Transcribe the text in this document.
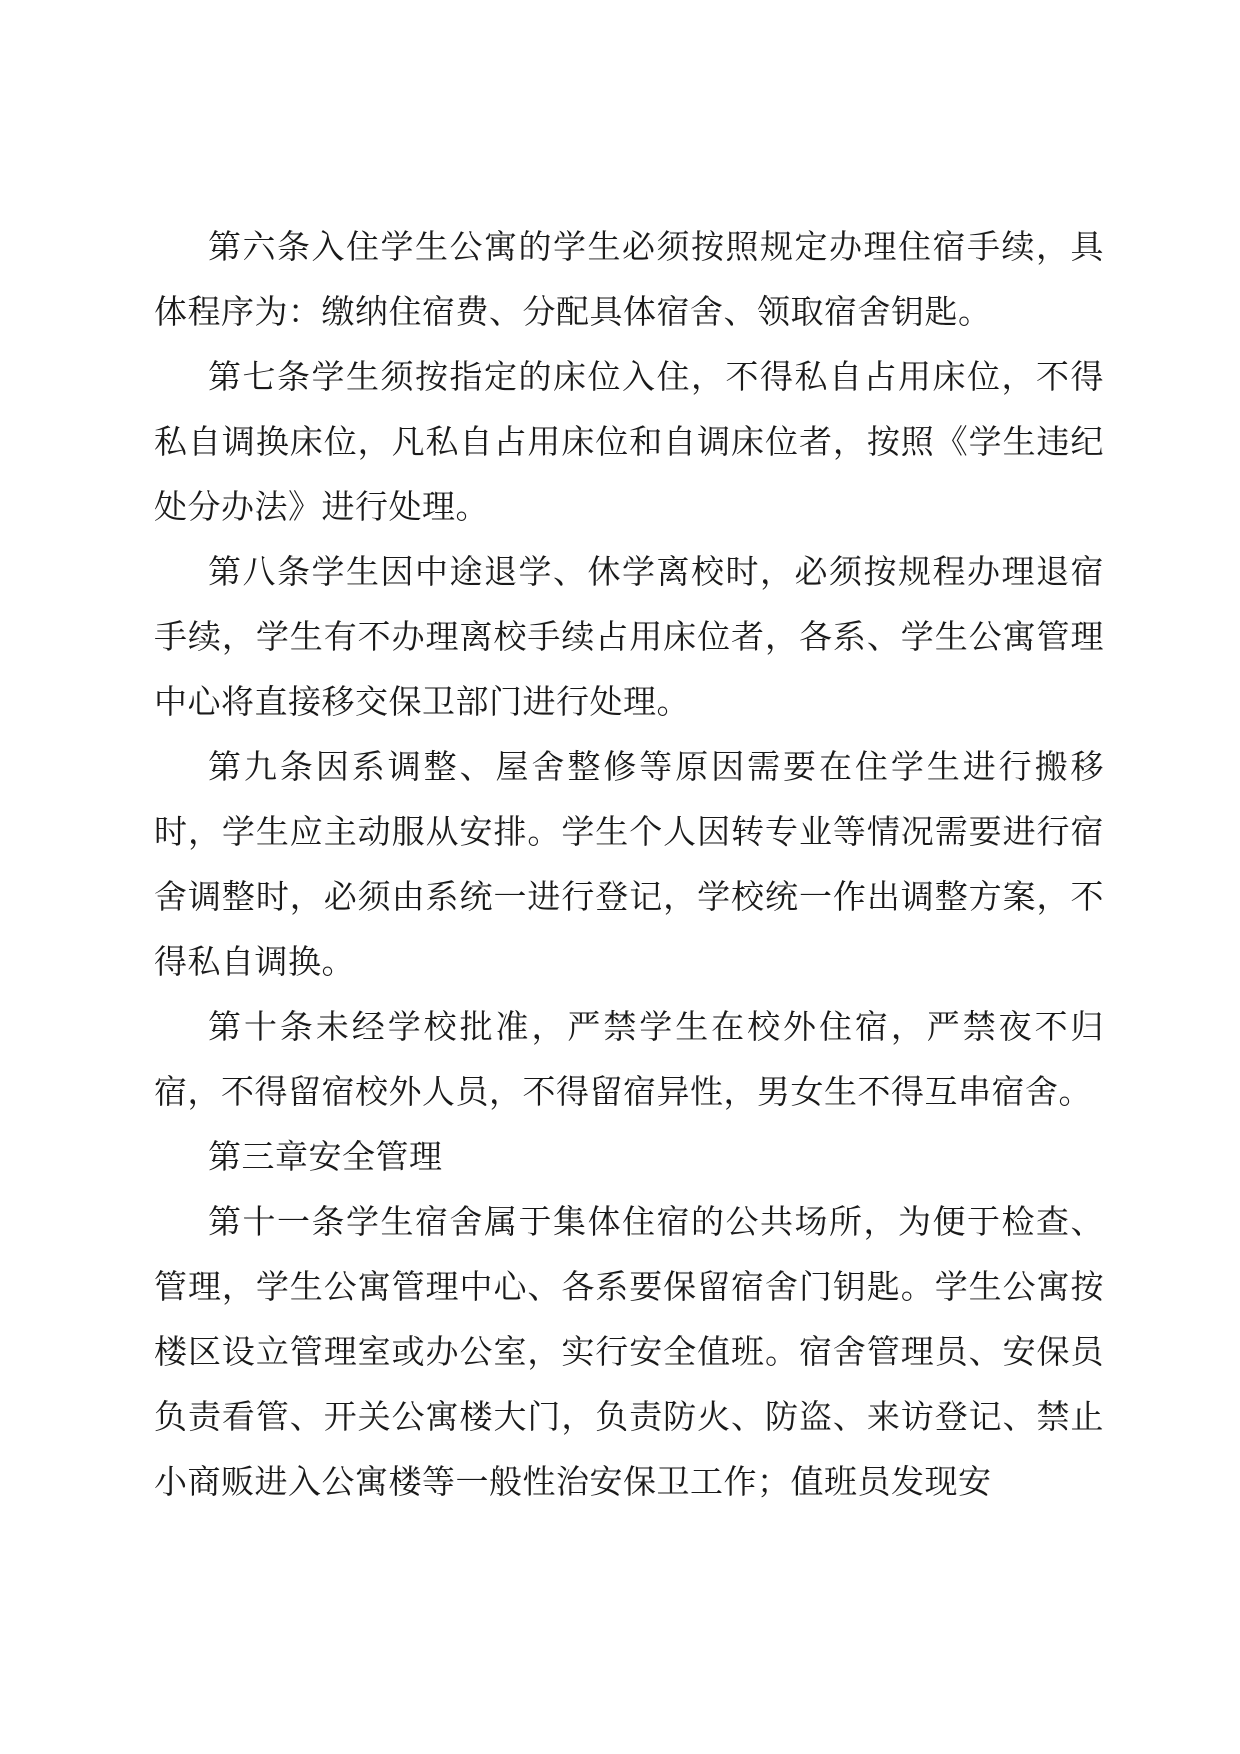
第六条入住学生公寓的学生必须按照规定办理住宿手续，具体程序为：缴纳住宿费、分配具体宿舍、领取宿舍钥匙。

第七条学生须按指定的床位入住，不得私自占用床位，不得私自调换床位，凡私自占用床位和自调床位者，按照《学生违纪处分办法》进行处理。

第八条学生因中途退学、休学离校时，必须按规程办理退宿手续，学生有不办理离校手续占用床位者，各系、学生公寓管理中心将直接移交保卫部门进行处理。

第九条因系调整、屋舍整修等原因需要在住学生进行搬移时，学生应主动服从安排。学生个人因转专业等情况需要进行宿舍调整时，必须由系统一进行登记，学校统一作出调整方案，不得私自调换。

第十条未经学校批准，严禁学生在校外住宿，严禁夜不归宿，不得留宿校外人员，不得留宿异性，男女生不得互串宿舍。

第三章安全管理

第十一条学生宿舍属于集体住宿的公共场所，为便于检查、管理，学生公寓管理中心、各系要保留宿舍门钥匙。学生公寓按楼区设立管理室或办公室，实行安全值班。宿舍管理员、安保员负责看管、开关公寓楼大门，负责防火、防盗、来访登记、禁止小商贩进入公寓楼等一般性治安保卫工作；值班员发现安
